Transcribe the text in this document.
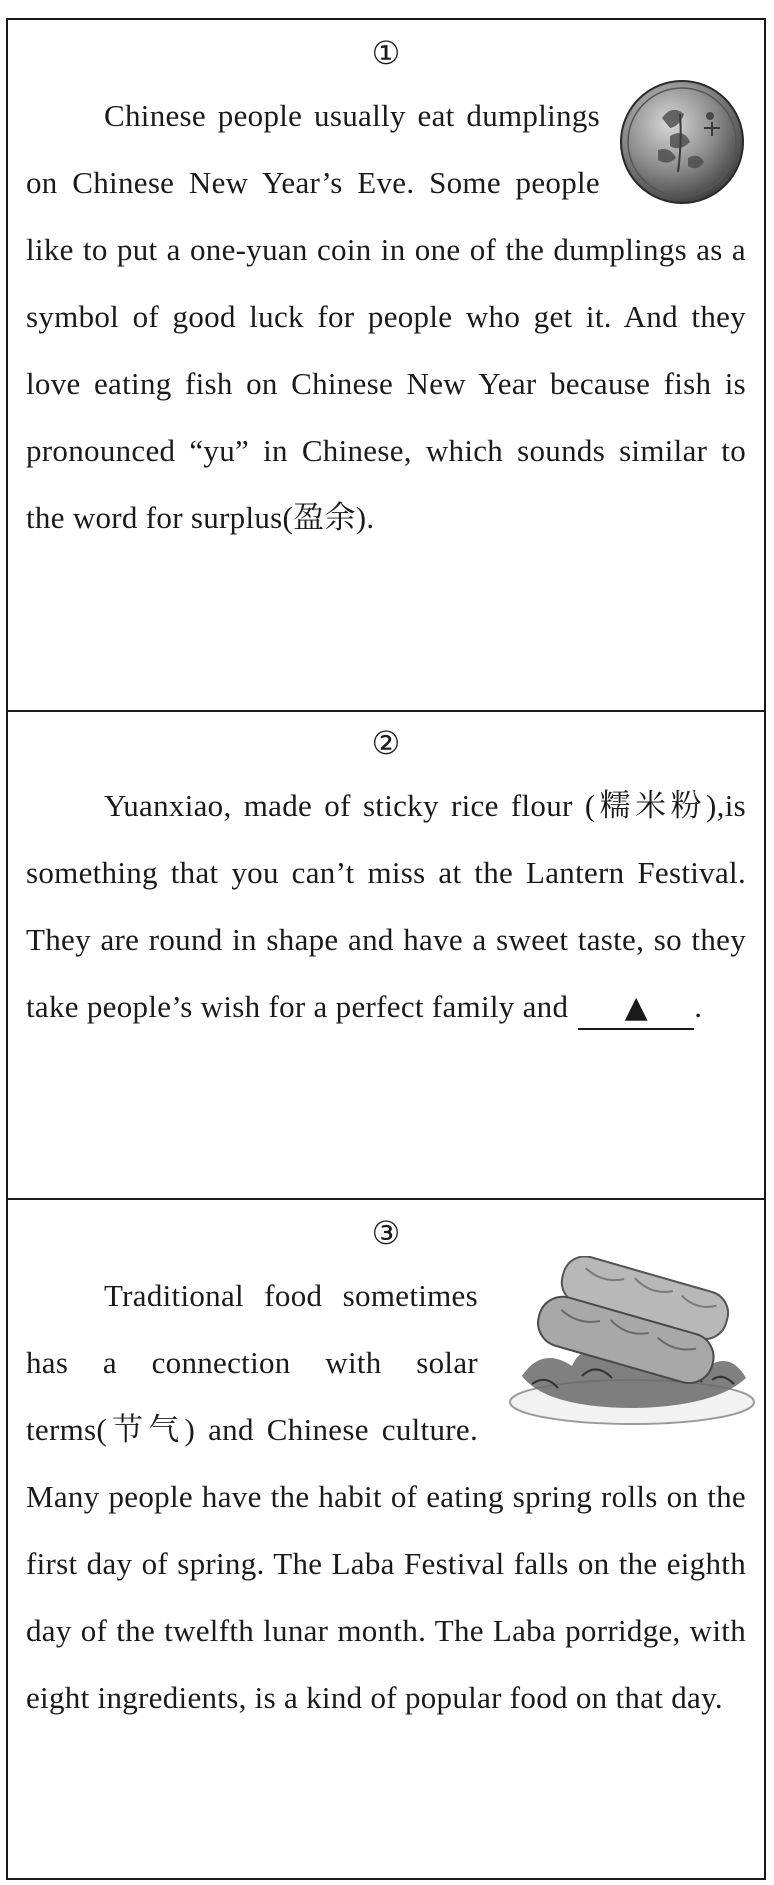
①
Chinese people usually eat dumplings on Chinese New Year’s Eve. Some people like to put a one-yuan coin in one of the dumplings as a symbol of good luck for people who get it. And they love eating fish on Chinese New Year because fish is pronounced “yu” in Chinese, which sounds similar to the word for surplus(盈余).
②
Yuanxiao, made of sticky rice flour (糯米粉),is something that you can’t miss at the Lantern Festival. They are round in shape and have a sweet taste, so they take people’s wish for a perfect family and ▲ .
③
Traditional food sometimes has a connection with solar terms(节气) and Chinese culture. Many people have the habit of eating spring rolls on the first day of spring. The Laba Festival falls on the eighth day of the twelfth lunar month. The Laba porridge, with eight ingredients, is a kind of popular food on that day.
